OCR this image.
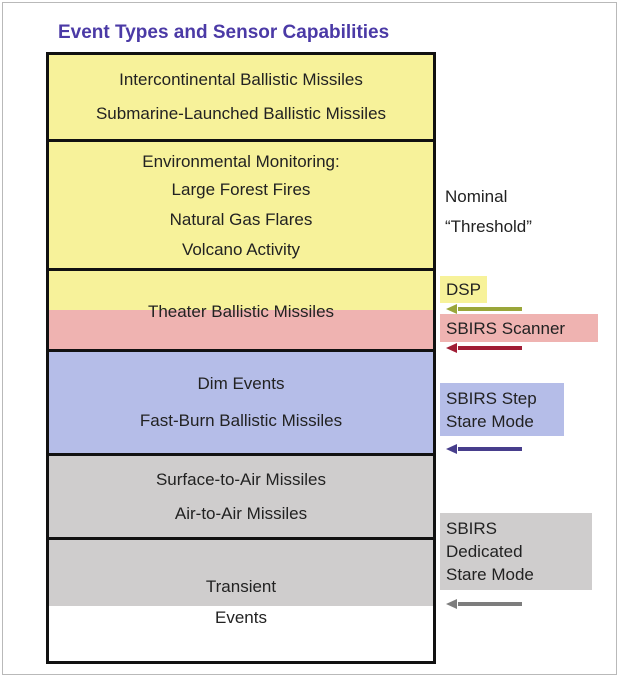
Event Types and Sensor Capabilities
Intercontinental Ballistic Missiles
Submarine-Launched Ballistic Missiles
Environmental Monitoring:
Large Forest Fires
Natural Gas Flares
Volcano Activity
Theater Ballistic Missiles
Dim Events
Fast-Burn Ballistic Missiles
Surface-to-Air Missiles
Air-to-Air Missiles
Transient
Events
Nominal
“Threshold”
DSP
SBIRS Scanner
SBIRS Step
Stare Mode
SBIRS
Dedicated
Stare Mode
